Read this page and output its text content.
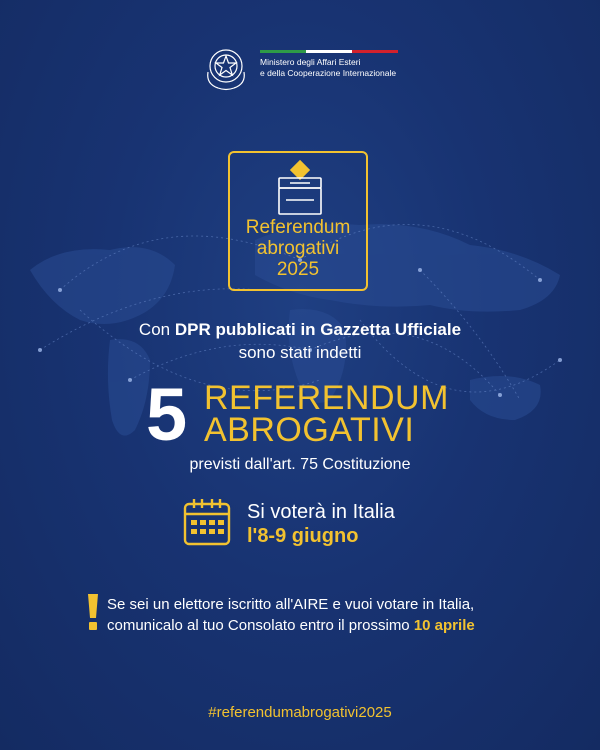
Ministero degli Affari Esteri
e della Cooperazione Internazionale
Referendum
abrogativi
2025
Con DPR pubblicati in Gazzetta Ufficiale
sono stati indetti
5 REFERENDUM
ABROGATIVI
previsti dall'art. 75 Costituzione
Si voterà in Italia
l'8-9 giugno
Se sei un elettore iscritto all'AIRE e vuoi votare in Italia,
comunicalo al tuo Consolato entro il prossimo 10 aprile
#referendumabrogativi2025
